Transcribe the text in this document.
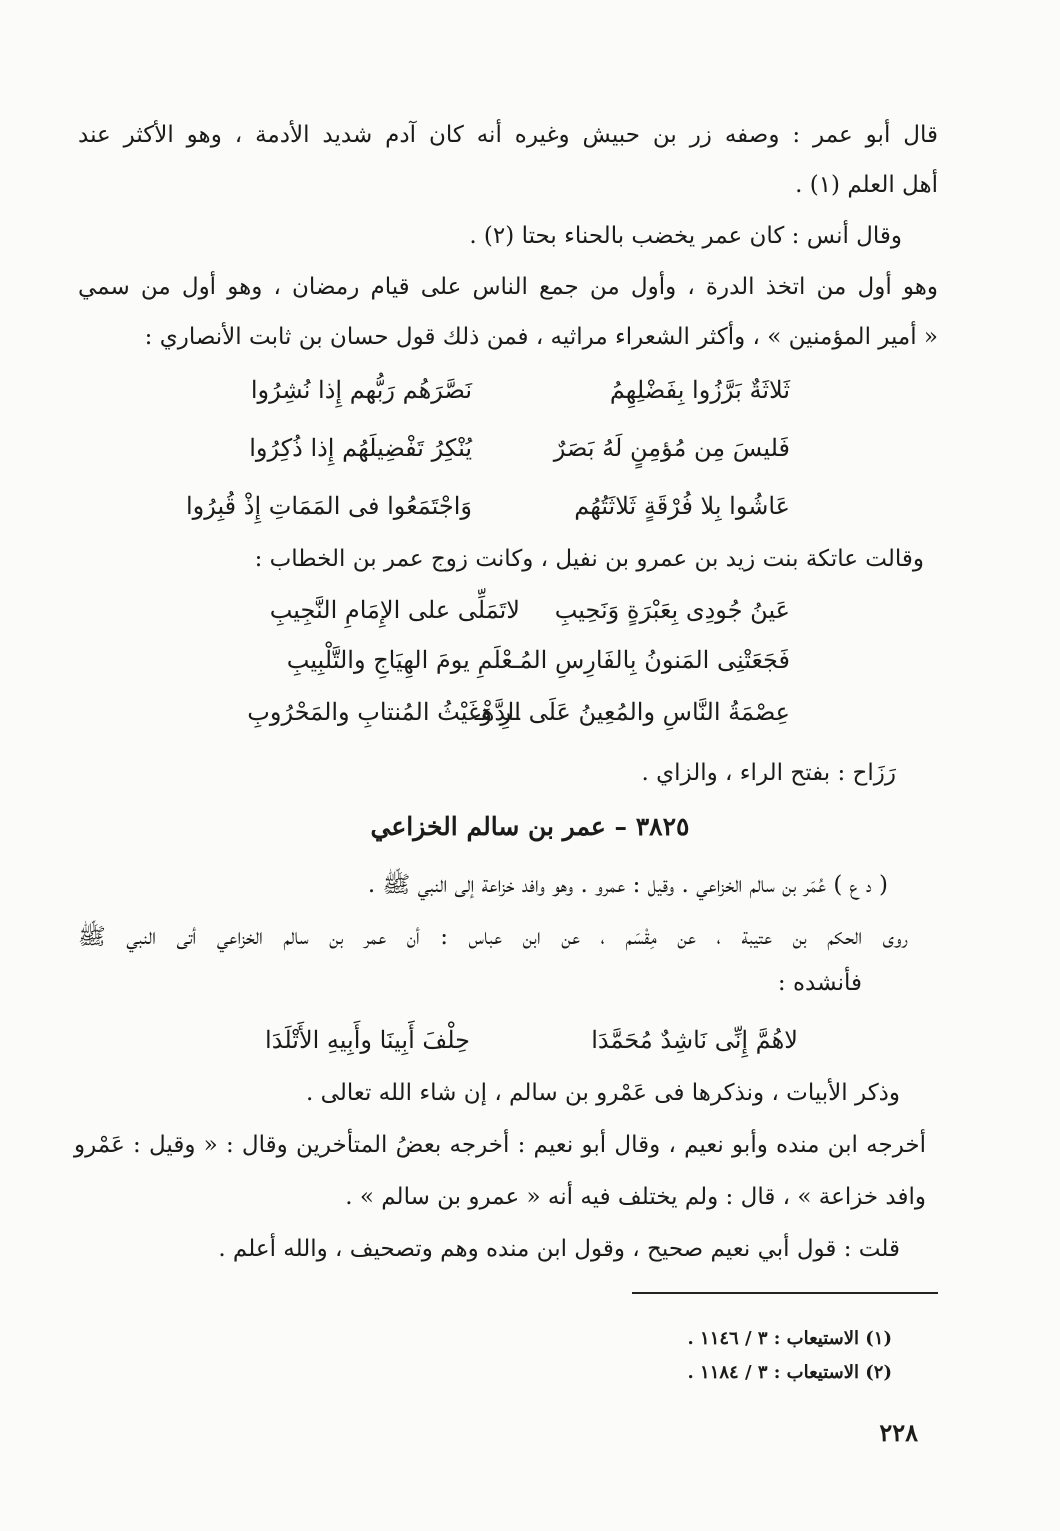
قال أبو عمر : وصفه زر بن حبيش وغيره أنه كان آدم شديد الأدمة ، وهو الأكثر عند
أهل العلم (١) .
وقال أنس : كان عمر يخضب بالحناء بحتا (٢) .
وهو أول من اتخذ الدرة ، وأول من جمع الناس على قيام رمضان ، وهو أول من سمي
« أمير المؤمنين » ، وأكثر الشعراء مراثيه ، فمن ذلك قول حسان بن ثابت الأنصاري :
ثَلاثَةٌ بَرَّزُوا بِفَضْلِهِمُ
نَصَّرَهُم رَبُّهم إِذا نُشِرُوا
فَليسَ مِن مُؤمِنٍ لَهُ بَصَرٌ
يُنْكِرُ تَفْضِيلَهُم إِذا ذُكِرُوا
عَاشُوا بِلا فُرْقَةٍ ثَلاثَتُهُم
وَاجْتَمَعُوا فى المَمَاتِ إِذْ قُبِرُوا
وقالت عاتكة بنت زيد بن عمرو بن نفيل ، وكانت زوج عمر بن الخطاب :
عَينُ جُودِى بِعَبْرَةٍ وَنَحِيبِ
لاتَمَلِّى على الإِمَامِ النَّجِيبِ
فَجَعَتْنِى المَنونُ بِالفَارِسِ المُـ
ـعْلَمِ يومَ الهِيَاجِ والتَّلْبِيبِ
عِصْمَةُ النَّاسِ والمُعِينُ عَلَى الدَّهْـ
ـرِ وَغَيْثُ المُنتابِ والمَحْرُوبِ
رَزَاح : بفتح الراء ، والزاي .
٣٨٢٥ – عمر بن سالم الخزاعي
( د ع ) عُمَر بن سالم الخزاعي . وقيل : عمرو . وهو وافد خزاعة إلى النبي ﷺ .
روى الحكم بن عتيبة ، عن مِقْسَم ، عن ابن عباس : أن عمر بن سالم الخزاعي أتى النبي ﷺ
فأنشده :
لاهُمَّ إِنِّى نَاشِدٌ مُحَمَّدَا
حِلْفَ أَبِينَا وأَبِيهِ الأَتْلَدَا
وذكر الأبيات ، ونذكرها فى عَمْرو بن سالم ، إن شاء الله تعالى .
أخرجه ابن منده وأبو نعيم ، وقال أبو نعيم : أخرجه بعضُ المتأخرين وقال : « وقيل : عَمْرو
وافد خزاعة » ، قال : ولم يختلف فيه أنه « عمرو بن سالم » .
قلت : قول أبي نعيم صحيح ، وقول ابن منده وهم وتصحيف ، والله أعلم .
(١) الاستيعاب : ٣ / ١١٤٦ .
(٢) الاستيعاب : ٣ / ١١٨٤ .
٢٢٨
